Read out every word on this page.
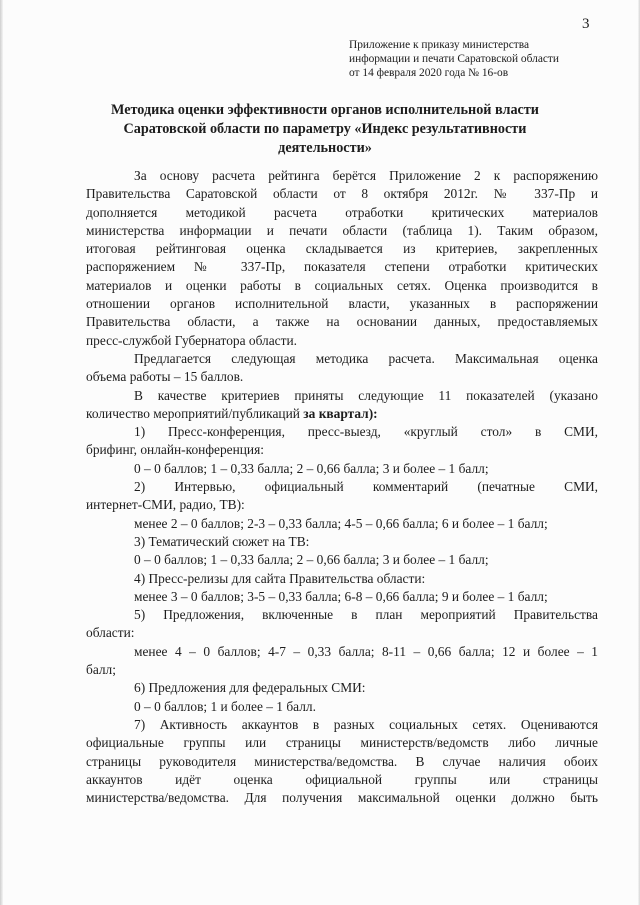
3
Приложение к приказу министерства
информации и печати Саратовской области
от 14 февраля 2020 года № 16-ов
Методика оценки эффективности органов исполнительной власти
Саратовской области по параметру «Индекс результативности
деятельности»
За основу расчета рейтинга берётся Приложение 2 к распоряжению
Правительства Саратовской области от 8 октября 2012г. № 337-Пр и
дополняется методикой расчета отработки критических материалов
министерства информации и печати области (таблица 1). Таким образом,
итоговая рейтинговая оценка складывается из критериев, закрепленных
распоряжением № 337-Пр, показателя степени отработки критических
материалов и оценки работы в социальных сетях. Оценка производится в
отношении органов исполнительной власти, указанных в распоряжении
Правительства области, а также на основании данных, предоставляемых
пресс-службой Губернатора области.
Предлагается следующая методика расчета. Максимальная оценка
объема работы – 15 баллов.
В качестве критериев приняты следующие 11 показателей (указано
количество мероприятий/публикаций за квартал):
1) Пресс-конференция, пресс-выезд, «круглый стол» в СМИ,
брифинг, онлайн-конференция:
0 – 0 баллов; 1 – 0,33 балла; 2 – 0,66 балла; 3 и более – 1 балл;
2) Интервью, официальный комментарий (печатные СМИ,
интернет-СМИ, радио, ТВ):
менее 2 – 0 баллов; 2-3 – 0,33 балла; 4-5 – 0,66 балла; 6 и более – 1 балл;
3) Тематический сюжет на ТВ:
0 – 0 баллов; 1 – 0,33 балла; 2 – 0,66 балла; 3 и более – 1 балл;
4) Пресс-релизы для сайта Правительства области:
менее 3 – 0 баллов; 3-5 – 0,33 балла; 6-8 – 0,66 балла; 9 и более – 1 балл;
5) Предложения, включенные в план мероприятий Правительства
области:
менее 4 – 0 баллов; 4-7 – 0,33 балла; 8-11 – 0,66 балла; 12 и более – 1
балл;
6) Предложения для федеральных СМИ:
0 – 0 баллов; 1 и более – 1 балл.
7) Активность аккаунтов в разных социальных сетях. Оцениваются
официальные группы или страницы министерств/ведомств либо личные
страницы руководителя министерства/ведомства. В случае наличия обоих
аккаунтов идёт оценка официальной группы или страницы
министерства/ведомства. Для получения максимальной оценки должно быть
